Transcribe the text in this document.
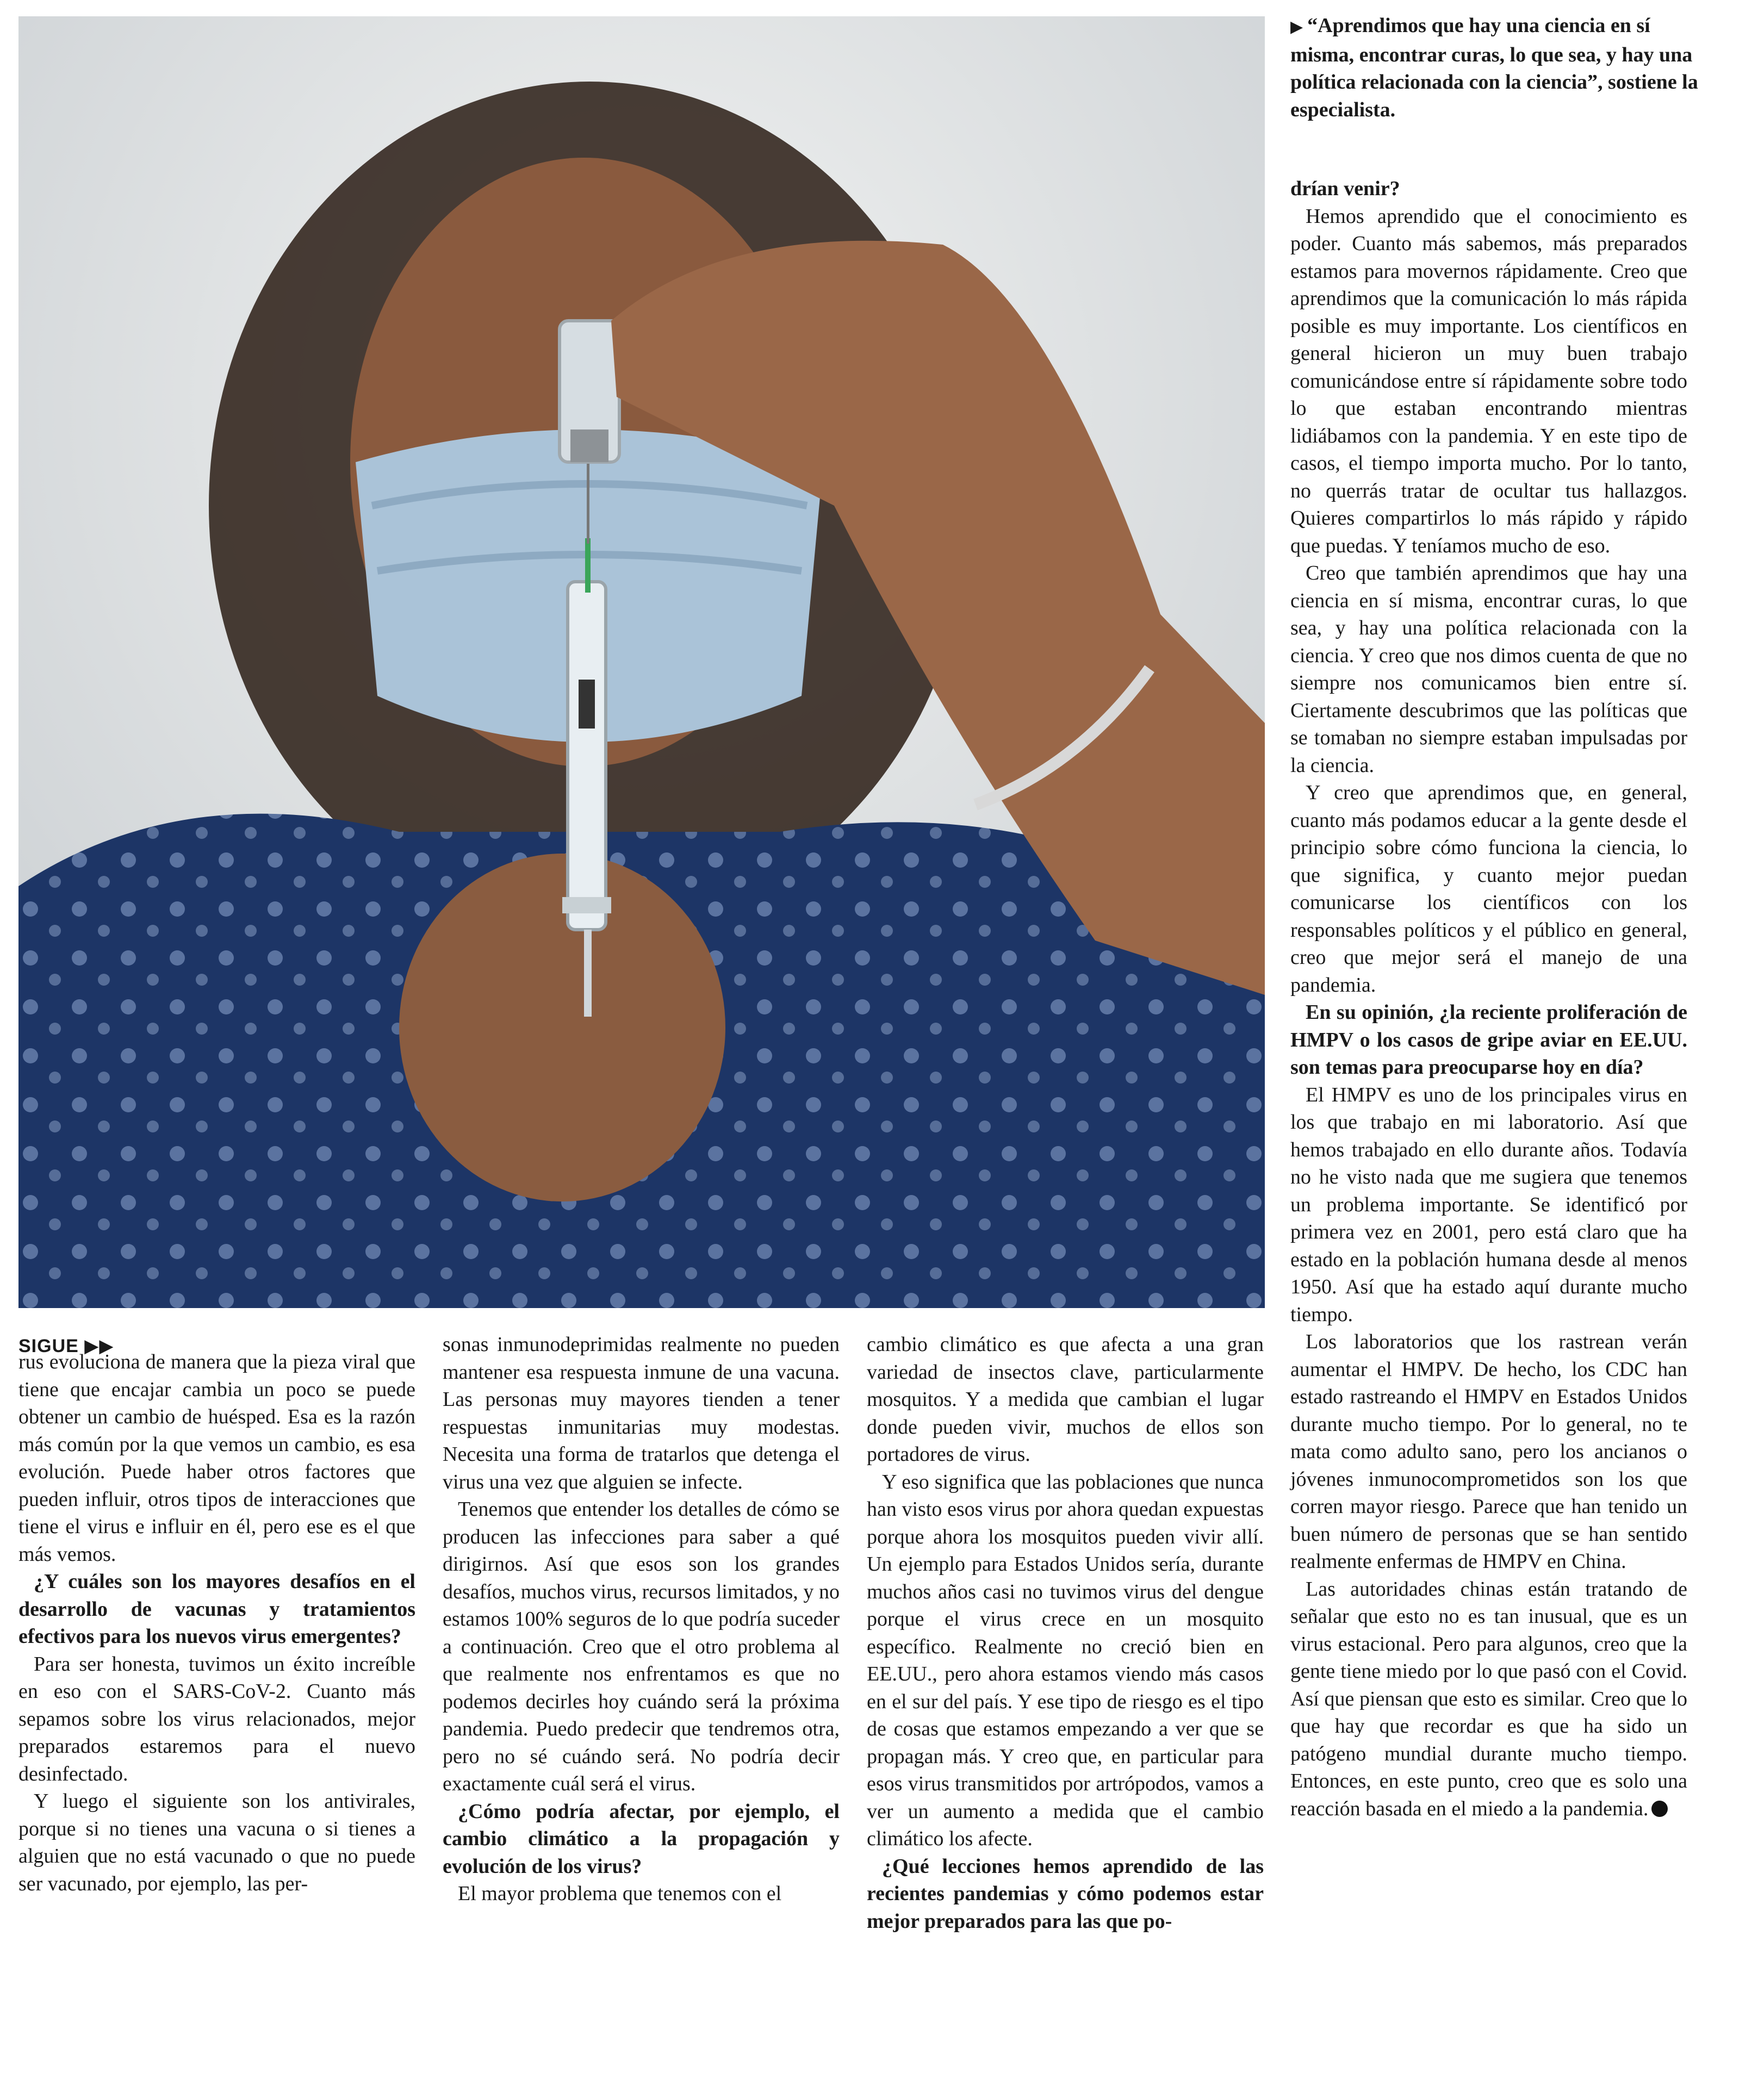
▶ “Aprendimos que hay una ciencia en sí misma, encontrar curas, lo que sea, y hay una política relacionada con la ciencia”, sostiene la especialista.
SIGUE ▶▶

rus evoluciona de manera que la pieza viral que tiene que encajar cambia un poco se puede obtener un cambio de huésped. Esa es la razón más común por la que vemos un cambio, es esa evolución. Puede haber otros factores que pueden influir, otros tipos de interacciones que tiene el virus e influir en él, pero ese es el que más vemos.

¿Y cuáles son los mayores desafíos en el desarrollo de vacunas y tratamientos efectivos para los nuevos virus emergentes?

Para ser honesta, tuvimos un éxito increíble en eso con el SARS-CoV-2. Cuanto más sepamos sobre los virus relacionados, mejor preparados estaremos para el nuevo desinfectado.

Y luego el siguiente son los antivirales, porque si no tienes una vacuna o si tienes a alguien que no está vacunado o que no puede ser vacunado, por ejemplo, las per-

sonas inmunodeprimidas realmente no pueden mantener esa respuesta inmune de una vacuna. Las personas muy mayores tienden a tener respuestas inmunitarias muy modestas. Necesita una forma de tratarlos que detenga el virus una vez que alguien se infecte.

Tenemos que entender los detalles de cómo se producen las infecciones para saber a qué dirigirnos. Así que esos son los grandes desafíos, muchos virus, recursos limitados, y no estamos 100% seguros de lo que podría suceder a continuación. Creo que el otro problema al que realmente nos enfrentamos es que no podemos decirles hoy cuándo será la próxima pandemia. Puedo predecir que tendremos otra, pero no sé cuándo será. No podría decir exactamente cuál será el virus.

¿Cómo podría afectar, por ejemplo, el cambio climático a la propagación y evolución de los virus?

El mayor problema que tenemos con el

cambio climático es que afecta a una gran variedad de insectos clave, particularmente mosquitos. Y a medida que cambian el lugar donde pueden vivir, muchos de ellos son portadores de virus.

Y eso significa que las poblaciones que nunca han visto esos virus por ahora quedan expuestas porque ahora los mosquitos pueden vivir allí. Un ejemplo para Estados Unidos sería, durante muchos años casi no tuvimos virus del dengue porque el virus crece en un mosquito específico. Realmente no creció bien en EE.UU., pero ahora estamos viendo más casos en el sur del país. Y ese tipo de riesgo es el tipo de cosas que estamos empezando a ver que se propagan más. Y creo que, en particular para esos virus transmitidos por artrópodos, vamos a ver un aumento a medida que el cambio climático los afecte.

¿Qué lecciones hemos aprendido de las recientes pandemias y cómo podemos estar mejor preparados para las que po-

drían venir?

Hemos aprendido que el conocimiento es poder. Cuanto más sabemos, más preparados estamos para movernos rápidamente. Creo que aprendimos que la comunicación lo más rápida posible es muy importante. Los científicos en general hicieron un muy buen trabajo comunicándose entre sí rápidamente sobre todo lo que estaban encontrando mientras lidiábamos con la pandemia. Y en este tipo de casos, el tiempo importa mucho. Por lo tanto, no querrás tratar de ocultar tus hallazgos. Quieres compartirlos lo más rápido y rápido que puedas. Y teníamos mucho de eso.

Creo que también aprendimos que hay una ciencia en sí misma, encontrar curas, lo que sea, y hay una política relacionada con la ciencia. Y creo que nos dimos cuenta de que no siempre nos comunicamos bien entre sí. Ciertamente descubrimos que las políticas que se tomaban no siempre estaban impulsadas por la ciencia.

Y creo que aprendimos que, en general, cuanto más podamos educar a la gente desde el principio sobre cómo funciona la ciencia, lo que significa, y cuanto mejor puedan comunicarse los científicos con los responsables políticos y el público en general, creo que mejor será el manejo de una pandemia.

En su opinión, ¿la reciente proliferación de HMPV o los casos de gripe aviar en EE.UU. son temas para preocuparse hoy en día?

El HMPV es uno de los principales virus en los que trabajo en mi laboratorio. Así que hemos trabajado en ello durante años. Todavía no he visto nada que me sugiera que tenemos un problema importante. Se identificó por primera vez en 2001, pero está claro que ha estado en la población humana desde al menos 1950. Así que ha estado aquí durante mucho tiempo.

Los laboratorios que los rastrean verán aumentar el HMPV. De hecho, los CDC han estado rastreando el HMPV en Estados Unidos durante mucho tiempo. Por lo general, no te mata como adulto sano, pero los ancianos o jóvenes inmunocomprometidos son los que corren mayor riesgo. Parece que han tenido un buen número de personas que se han sentido realmente enfermas de HMPV en China.

Las autoridades chinas están tratando de señalar que esto no es tan inusual, que es un virus estacional. Pero para algunos, creo que la gente tiene miedo por lo que pasó con el Covid. Así que piensan que esto es similar. Creo que lo que hay que recordar es que ha sido un patógeno mundial durante mucho tiempo. Entonces, en este punto, creo que es solo una reacción basada en el miedo a la pandemia.
